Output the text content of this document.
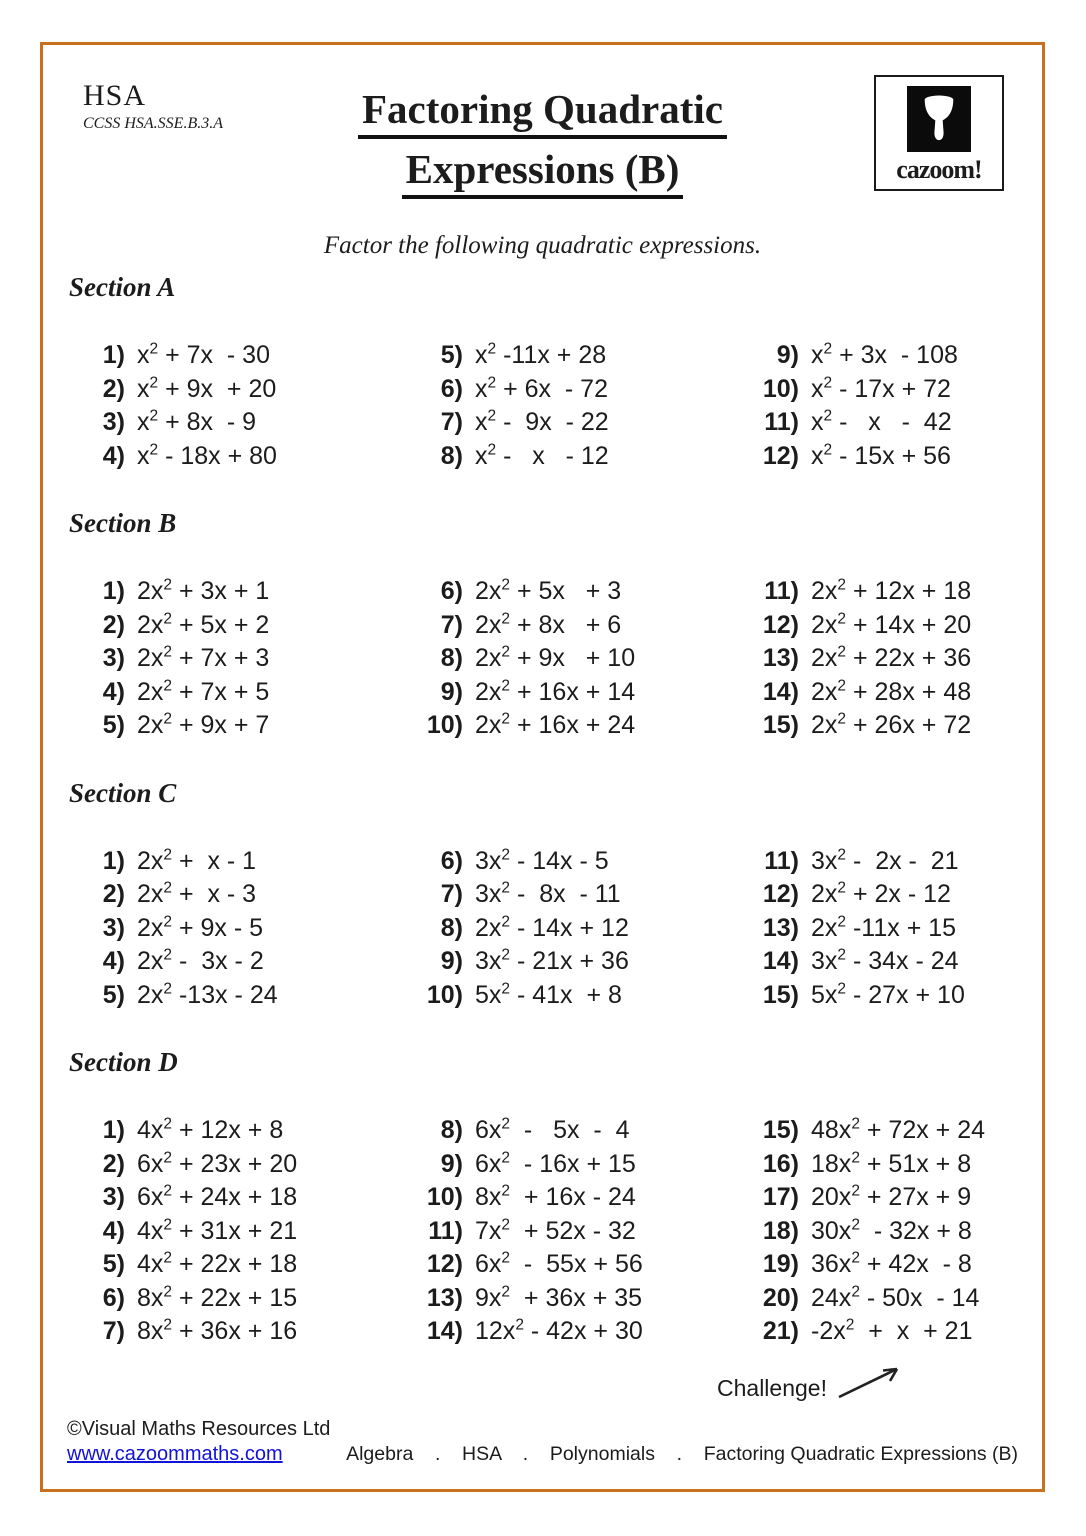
HSA
CCSS HSA.SSE.B.3.A	Factoring Quadratic
Expressions (B)	cazoom!
Factor the following quadratic expressions.
Section A
1) $x^2 + 7x - 30$
2) $x^2 + 9x + 20$
3) $x^2 + 8x - 9$
4) $x^2 - 18x + 80$
5) $x^2$ -11x + 28
6) $x^2 + 6x - 72$
7) $x^2 - 9x - 22$
8) $x^2$ -   x   - 12
9) $x^2 + 3x - 108$
10) $x^2 - 17x + 72$
11) $x^2$ -   x   -  42
12) $x^2 - 15x + 56$
Section B
1) $2x^2 + 3x + 1$
2) $2x^2 + 5x + 2$
3) $2x^2 + 7x + 3$
4) $2x^2 + 7x + 5$
5) $2x^2 + 9x + 7$
6) $2x^2 + 5x + 3$
7) $2x^2 + 8x + 6$
8) $2x^2 + 9x + 10$
9) $2x^2 + 16x + 14$
10) $2x^2 + 16x + 24$
11) $2x^2 + 12x + 18$
12) $2x^2 + 14x + 20$
13) $2x^2 + 22x + 36$
14) $2x^2 + 28x + 48$
15) $2x^2 + 26x + 72$
Section C
1) $2x^2 + x - 1$
2) $2x^2 + x - 3$
3) $2x^2 + 9x - 5$
4) $2x^2 - 3x - 2$
5) $2x^2$ -13x - 24
6) $3x^2 - 14x - 5$
7) $3x^2 - 8x - 11$
8) $2x^2 - 14x + 12$
9) $3x^2 - 21x + 36$
10) $5x^2 - 41x + 8$
11) $3x^2 - 2x - 21$
12) $2x^2 + 2x - 12$
13) $2x^2$ -11x + 15
14) $3x^2 - 34x - 24$
15) $5x^2 - 27x + 10$
Section D
1) $4x^2 + 12x + 8$
2) $6x^2 + 23x + 20$
3) $6x^2 + 24x + 18$
4) $4x^2 + 31x + 21$
5) $4x^2 + 22x + 18$
6) $8x^2 + 22x + 15$
7) $8x^2 + 36x + 16$
8) $6x^2 - 5x - 4$
9) $6x^2 - 16x + 15$
10) $8x^2 + 16x - 24$
11) $7x^2 + 52x - 32$
12) $6x^2 - 55x + 56$
13) $9x^2 + 36x + 35$
14) $12x^2 - 42x + 30$
15) $48x^2 + 72x + 24$
16) $18x^2 + 51x + 8$
17) $20x^2 + 27x + 9$
18) $30x^2 - 32x + 8$
19) $36x^2 + 42x - 8$
20) $24x^2 - 50x - 14$
21) $-2x^2 + x + 21$
Challenge!
©Visual Maths Resources Ltd
www.cazoommaths.com	Algebra    .    HSA    .    Polynomials    .    Factoring Quadratic Expressions (B)
